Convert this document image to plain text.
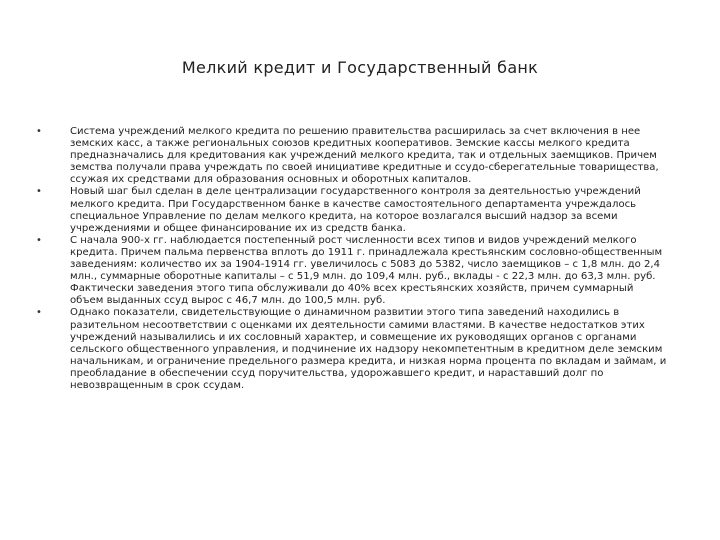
Мелкий кредит и Государственный банк
•	Система учреждений мелкого кредита по решению правительства расширилась за счет включения в нее земских касс, а также региональных союзов кредитных кооперативов. Земские кассы мелкого кредита предназначались для кредитования как учреждений мелкого кредита, так и отдельных заемщиков. Причем земства получали права учреждать по своей инициативе кредитные и ссудо-сберегательные товарищества, ссужая их средствами для образования основных и оборотных капиталов.
•	Новый шаг был сделан в деле централизации государственного контроля за деятельностью учреждений мелкого кредита. При Государственном банке в качестве самостоятельного департамента учреждалось специальное Управление по делам мелкого кредита, на которое возлагался высший надзор за всеми учреждениями и общее финансирование их из средств банка.
•	С начала 900-х гг. наблюдается постепенный рост численности всех типов и видов учреждений мелкого кредита. Причем пальма первенства вплоть до 1911 г. принадлежала крестьянским сословно-общественным заведениям: количество их за 1904-1914 гг. увеличилось с 5083 до 5382, число заемщиков – с 1,8 млн. до 2,4 млн., суммарные оборотные капиталы – с 51,9 млн. до 109,4 млн. руб., вклады - с 22,3 млн. до 63,3 млн. руб. Фактически заведения этого типа обслуживали до 40% всех крестьянских хозяйств, причем суммарный объем выданных ссуд вырос с 46,7 млн. до 100,5 млн. руб.
•	Однако показатели, свидетельствующие о динамичном развитии этого типа заведений находились в разительном несоответствии с оценками их деятельности самими властями. В качестве недостатков этих учреждений называлились и их сословный характер, и совмещение их руководящих органов с органами сельского общественного управления, и подчинение их надзору некомпетентным в кредитном деле земским начальникам, и ограничение предельного размера кредита, и низкая норма процента по вкладам и займам, и преобладание в обеспечении ссуд поручительства, удорожавшего кредит, и нараставший долг по невозвращенным в срок ссудам.
